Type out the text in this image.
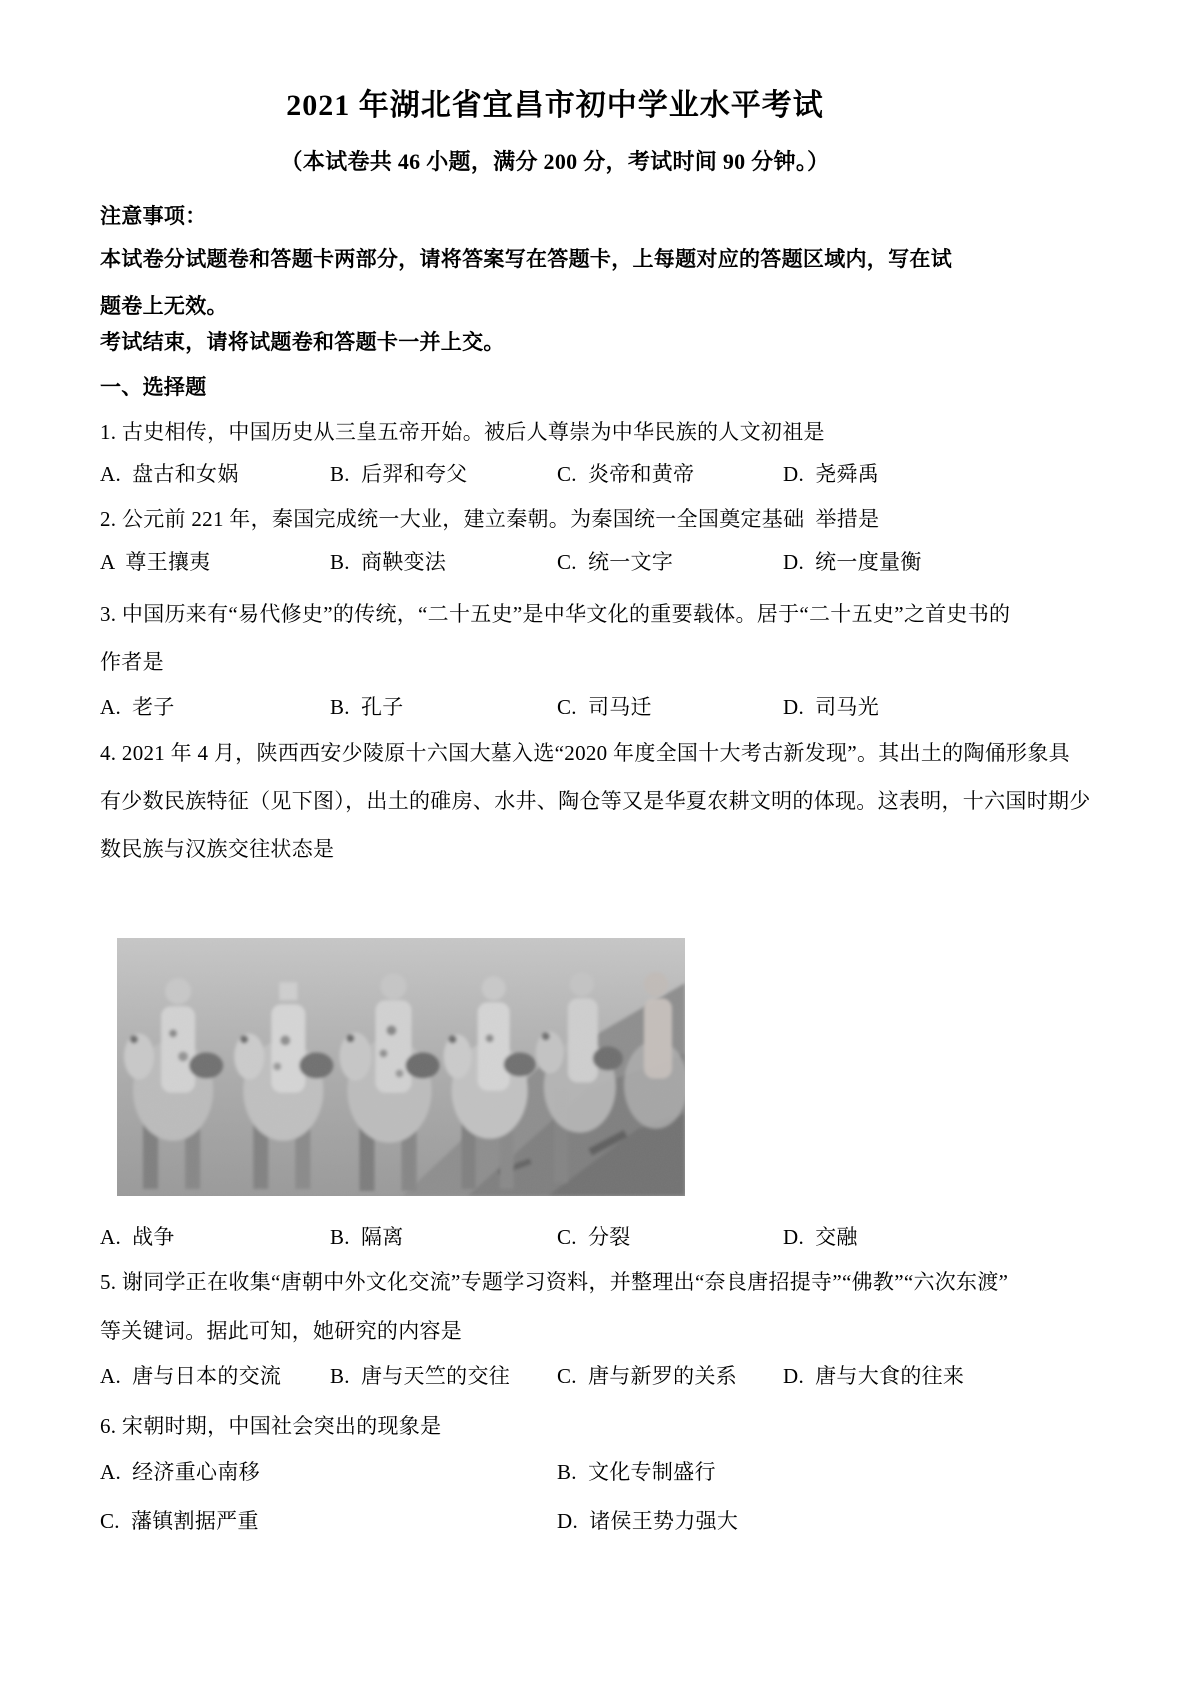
2021 年湖北省宜昌市初中学业水平考试
（本试卷共 46 小题，满分 200 分，考试时间 90 分钟。）
注意事项：
本试卷分试题卷和答题卡两部分，请将答案写在答题卡，上每题对应的答题区域内，写在试
题卷上无效。
考试结束，请将试题卷和答题卡一并上交。
一、选择题
1. 古史相传，中国历史从三皇五帝开始。被后人尊崇为中华民族的人文初祖是
A.  盘古和女娲	B.  后羿和夸父	C.  炎帝和黄帝	D.  尧舜禹
2. 公元前 221 年，秦国完成统一大业，建立秦朝。为秦国统一全国奠定基础  举措是
A  尊王攘夷	B.  商鞅变法	C.  统一文字	D.  统一度量衡
3. 中国历来有“易代修史”的传统，“二十五史”是中华文化的重要载体。居于“二十五史”之首史书的
作者是
A.  老子	B.  孔子	C.  司马迁	D.  司马光
4. 2021 年 4 月，陕西西安少陵原十六国大墓入选“2020 年度全国十大考古新发现”。其出土的陶俑形象具
有少数民族特征（见下图），出土的碓房、水井、陶仓等又是华夏农耕文明的体现。这表明，十六国时期少
数民族与汉族交往状态是
A.  战争	B.  隔离	C.  分裂	D.  交融
5. 谢同学正在收集“唐朝中外文化交流”专题学习资料，并整理出“奈良唐招提寺”“佛教”“六次东渡”
等关键词。据此可知，她研究的内容是
A.  唐与日本的交流	B.  唐与天竺的交往	C.  唐与新罗的关系	D.  唐与大食的往来
6. 宋朝时期，中国社会突出的现象是
A.  经济重心南移	B.  文化专制盛行
C.  藩镇割据严重	D.  诸侯王势力强大
